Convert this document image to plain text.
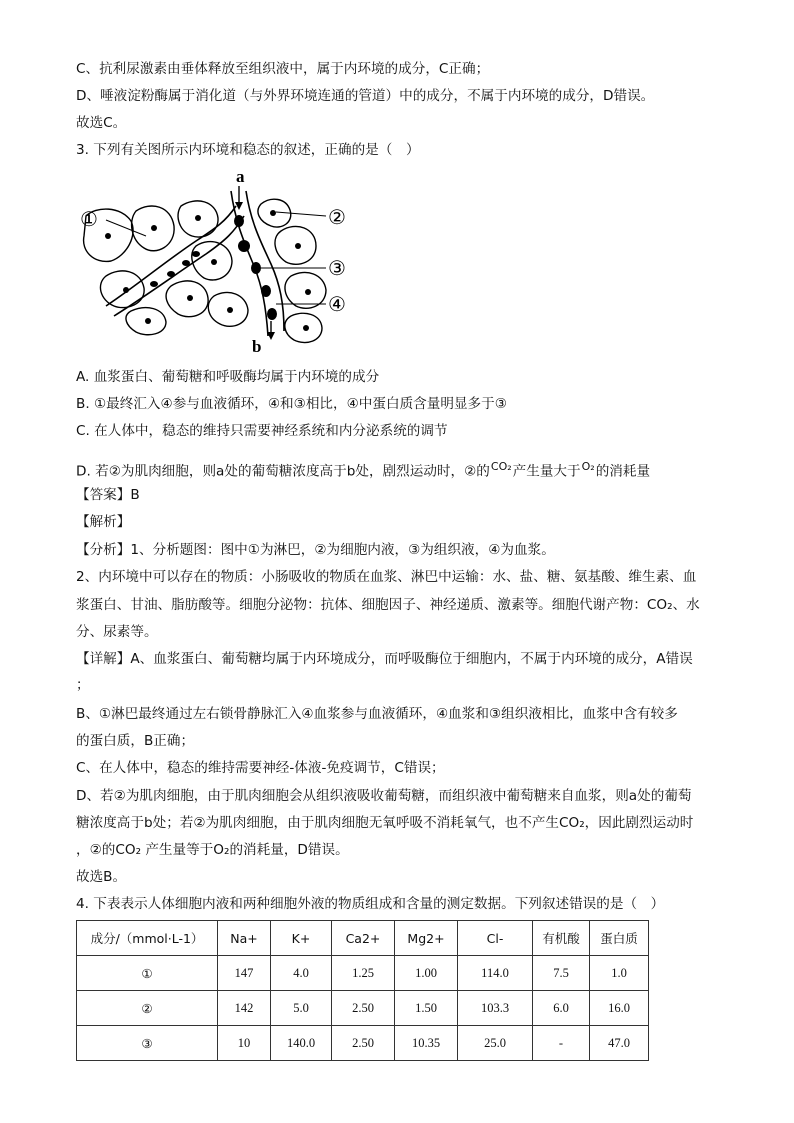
C、抗利尿激素由垂体释放至组织液中，属于内环境的成分，C正确；
D、唾液淀粉酶属于消化道（与外界环境连通的管道）中的成分，不属于内环境的成分，D错误。
故选C。
3. 下列有关图所示内环境和稳态的叙述，正确的是（　）
a
b
①	②
③
④
A. 血浆蛋白、葡萄糖和呼吸酶均属于内环境的成分
B. ①最终汇入④参与血液循环，④和③相比，④中蛋白质含量明显多于③
C. 在人体中，稳态的维持只需要神经系统和内分泌系统的调节
D. 若②为肌肉细胞，则a处的葡萄糖浓度高于b处，剧烈运动时，②的$^{CO_2}$产生量大于$^{O_2}$的消耗量
【答案】B
【解析】
【分析】1、分析题图：图中①为淋巴，②为细胞内液，③为组织液，④为血浆。
2、内环境中可以存在的物质：小肠吸收的物质在血浆、淋巴中运输：水、盐、糖、氨基酸、维生素、血
浆蛋白、甘油、脂肪酸等。细胞分泌物：抗体、细胞因子、神经递质、激素等。细胞代谢产物：CO₂、水
分、尿素等。
【详解】A、血浆蛋白、葡萄糖均属于内环境成分，而呼吸酶位于细胞内，不属于内环境的成分，A错误
；
B、①淋巴最终通过左右锁骨静脉汇入④血浆参与血液循环，④血浆和③组织液相比，血浆中含有较多
的蛋白质，B正确；
C、在人体中，稳态的维持需要神经-体液-免疫调节，C错误；
D、若②为肌肉细胞，由于肌肉细胞会从组织液吸收葡萄糖，而组织液中葡萄糖来自血浆，则a处的葡萄
糖浓度高于b处；若②为肌肉细胞，由于肌肉细胞无氧呼吸不消耗氧气，也不产生CO₂，因此剧烈运动时
，②的CO₂ 产生量等于O₂的消耗量，D错误。
故选B。
4. 下表表示人体细胞内液和两种细胞外液的物质组成和含量的测定数据。下列叙述错误的是（　）
成分/（mmol·L-1）	Na+	K+	Ca2+	Mg2+	Cl-	有机酸	蛋白质
①	147	4.0	1.25	1.00	114.0	7.5	1.0
②	142	5.0	2.50	1.50	103.3	6.0	16.0
③	10	140.0	2.50	10.35	25.0	-	47.0
